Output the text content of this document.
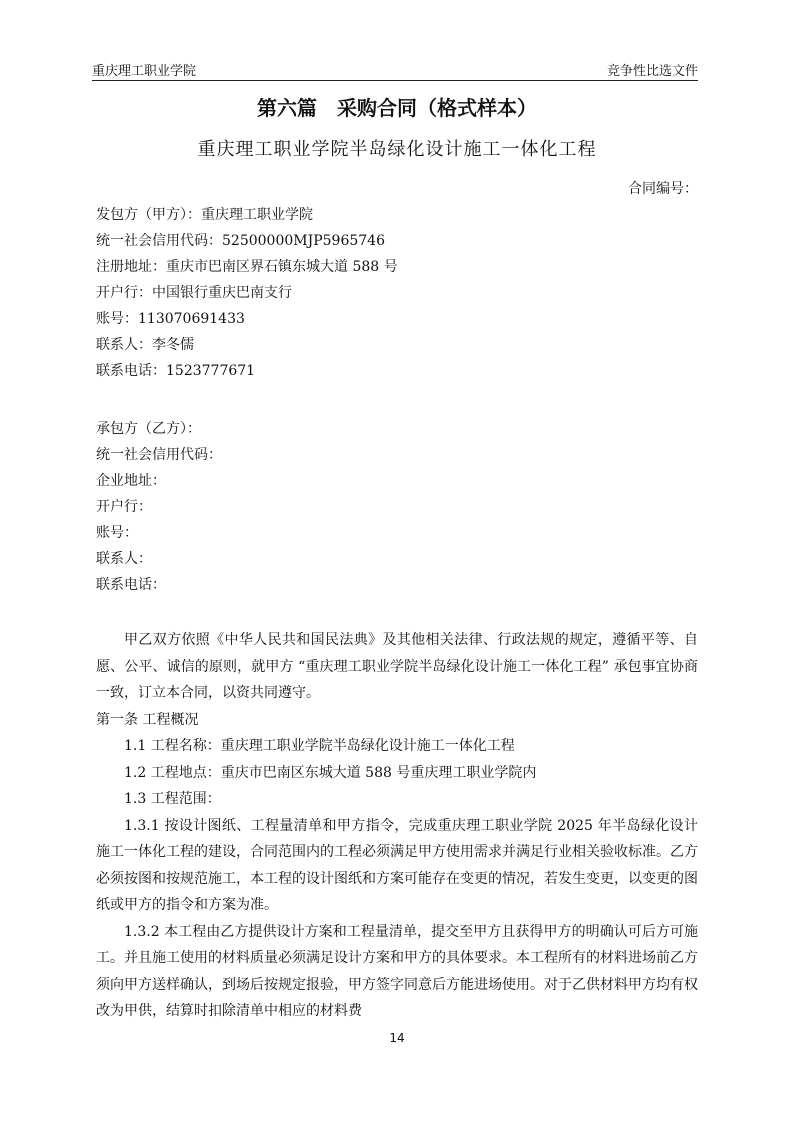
重庆理工职业学院	竞争性比选文件
第六篇　采购合同（格式样本）
重庆理工职业学院半岛绿化设计施工一体化工程
合同编号：
发包方（甲方）：重庆理工职业学院
统一社会信用代码：52500000MJP5965746
注册地址：重庆市巴南区界石镇东城大道 588 号
开户行：中国银行重庆巴南支行
账号：113070691433
联系人：李冬儒
联系电话：1523777671
承包方（乙方）：
统一社会信用代码：
企业地址：
开户行：
账号：
联系人：
联系电话：

甲乙双方依照《中华人民共和国民法典》及其他相关法律、行政法规的规定，遵循平等、自愿、公平、诚信的原则，就甲方 “重庆理工职业学院半岛绿化设计施工一体化工程” 承包事宜协商一致，订立本合同，以资共同遵守。

第一条 工程概况

1.1 工程名称：重庆理工职业学院半岛绿化设计施工一体化工程

1.2 工程地点：重庆市巴南区东城大道 588 号重庆理工职业学院内

1.3 工程范围：

1.3.1 按设计图纸、工程量清单和甲方指令，完成重庆理工职业学院 2025 年半岛绿化设计施工一体化工程的建设，合同范围内的工程必须满足甲方使用需求并满足行业相关验收标准。乙方必须按图和按规范施工，本工程的设计图纸和方案可能存在变更的情况，若发生变更，以变更的图纸或甲方的指令和方案为准。

1.3.2 本工程由乙方提供设计方案和工程量清单，提交至甲方且获得甲方的明确认可后方可施工。并且施工使用的材料质量必须满足设计方案和甲方的具体要求。本工程所有的材料进场前乙方须向甲方送样确认，到场后按规定报验，甲方签字同意后方能进场使用。对于乙供材料甲方均有权改为甲供，结算时扣除清单中相应的材料费

14
